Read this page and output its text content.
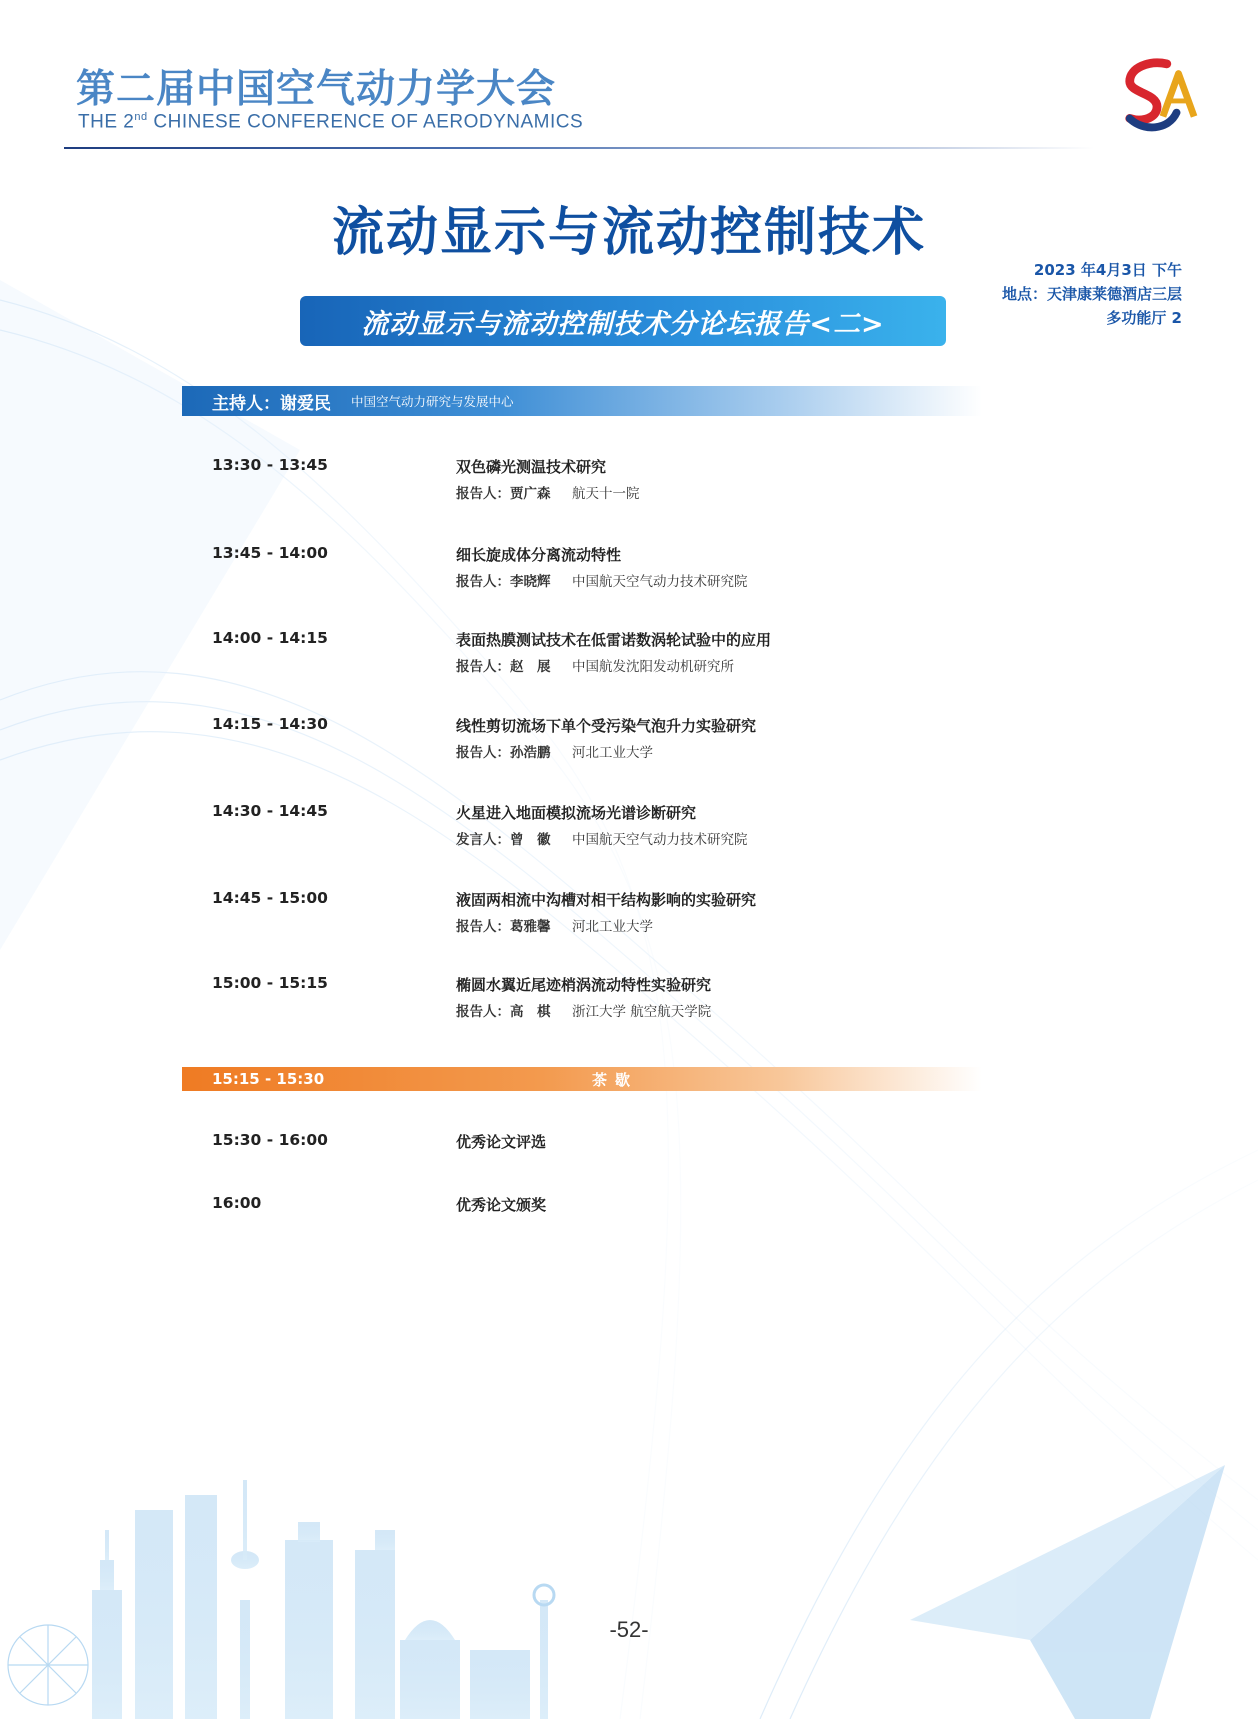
第二届中国空气动力学大会
THE 2nd CHINESE CONFERENCE OF AERODYNAMICS
流动显示与流动控制技术
2023 年4月3日 下午
地点：天津康莱德酒店三层
多功能厅 2
流动显示与流动控制技术分论坛报告<二>
主持人：谢爱民 中国空气动力研究与发展中心
13:30 - 13:45	双色磷光测温技术研究
报告人：贾广森 航天十一院
13:45 - 14:00	细长旋成体分离流动特性
报告人：李晓辉 中国航天空气动力技术研究院
14:00 - 14:15	表面热膜测试技术在低雷诺数涡轮试验中的应用
报告人：赵　展 中国航发沈阳发动机研究所
14:15 - 14:30	线性剪切流场下单个受污染气泡升力实验研究
报告人：孙浩鹏 河北工业大学
14:30 - 14:45	火星进入地面模拟流场光谱诊断研究
发言人：曾　徽 中国航天空气动力技术研究院
14:45 - 15:00	液固两相流中沟槽对相干结构影响的实验研究
报告人：葛雅馨 河北工业大学
15:00 - 15:15	椭圆水翼近尾迹梢涡流动特性实验研究
报告人：高　棋 浙江大学 航空航天学院
15:15 - 15:30	茶歇
15:30 - 16:00	优秀论文评选
16:00	优秀论文颁奖
-52-
